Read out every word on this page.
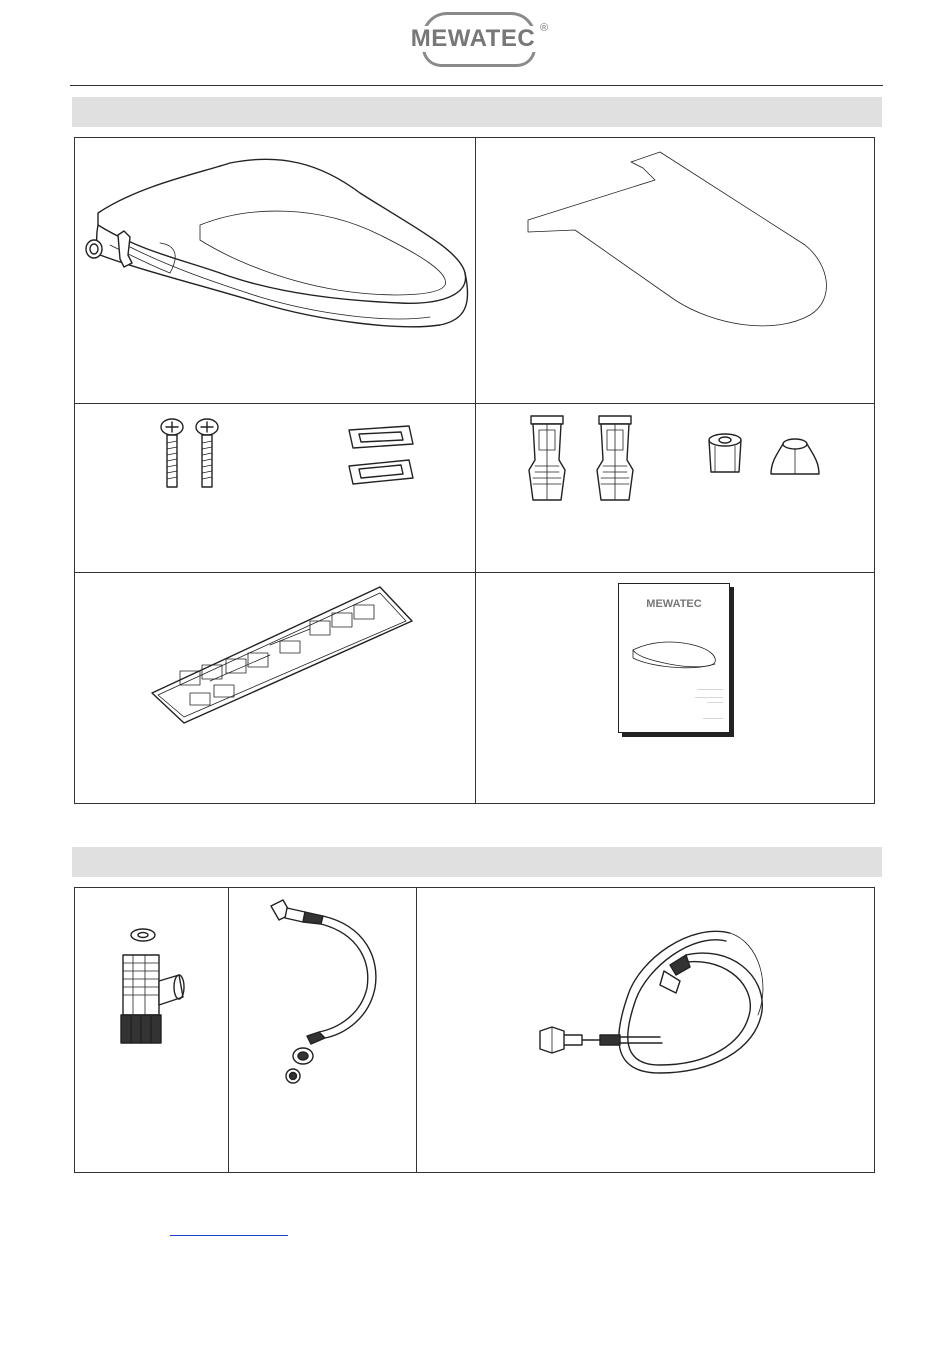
MEWATEC ®
MEWATEC

‾‾‾‾‾‾‾‾‾‾‾‾‾‾‾‾‾‾‾
‾‾‾‾‾‾‾‾‾‾‾‾‾‾‾‾‾‾‾‾‾
‾‾‾‾‾‾‾‾‾‾‾‾
‾‾‾‾‾‾‾‾‾‾‾‾‾‾‾
